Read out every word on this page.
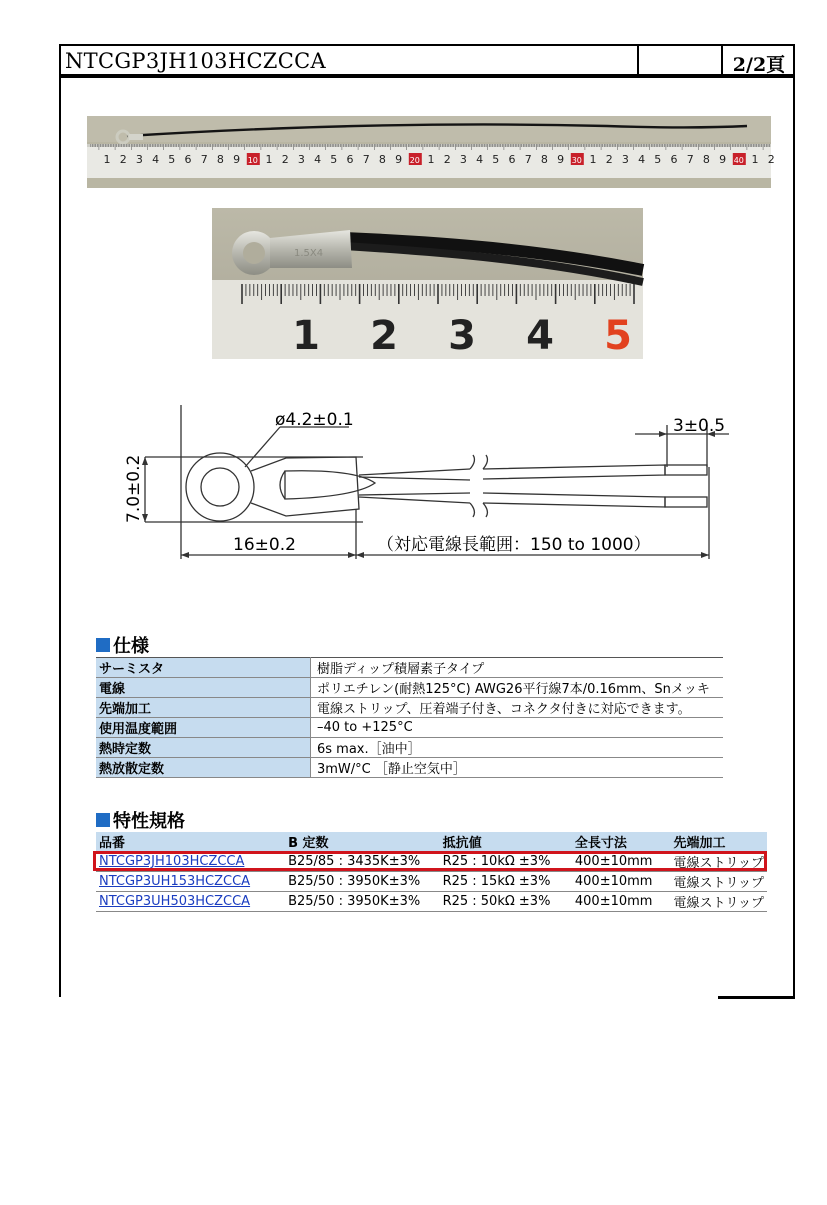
NTCGP3JH103HCZCCA	2/2頁
1 2 3 4 5 6 7 8 9 10 1 2 3 4 5 6 7 8 9 20 1 2 3 4 5 6 7 8 9 30 1 2 3 4 5 6 7 8 9 40 1 2
1.5X4
1 2 3 4 5
ø4.2±0.1	3±0.5
7.0±0.2
16±0.2	（対応電線長範囲：150 to 1000）
仕様
サーミスタ	樹脂ディップ積層素子タイプ
電線	ポリエチレン(耐熱125°C) AWG26平行線7本/0.16mm、Snメッキ
先端加工	電線ストリップ、圧着端子付き、コネクタ付きに対応できます。
使用温度範囲	–40 to +125°C
熱時定数	6s max.［油中］
熱放散定数	3mW/°C ［静止空気中］
特性規格
品番	B 定数	抵抗値	全長寸法	先端加工
NTCGP3JH103HCZCCA	B25/85 : 3435K±3%	R25 : 10kΩ ±3%	400±10mm	電線ストリップ
NTCGP3UH153HCZCCA	B25/50 : 3950K±3%	R25 : 15kΩ ±3%	400±10mm	電線ストリップ
NTCGP3UH503HCZCCA	B25/50 : 3950K±3%	R25 : 50kΩ ±3%	400±10mm	電線ストリップ
